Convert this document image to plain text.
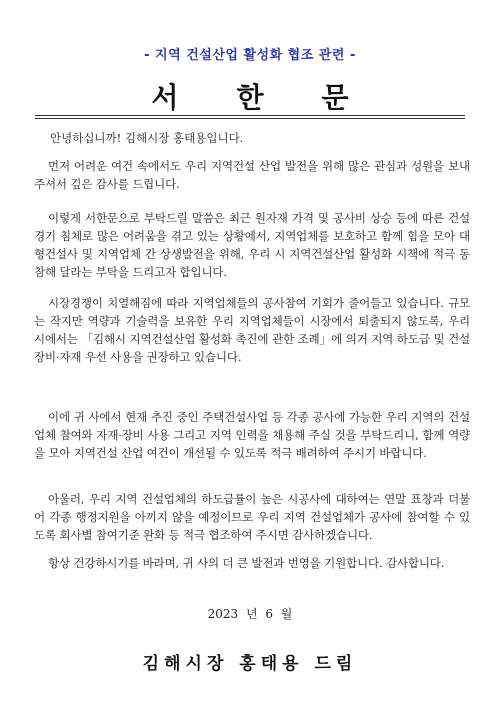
- 지역 건설산업 활성화 협조 관련 -
서한문
안녕하십니까! 김해시장 홍태용입니다.
먼저 어려운 여건 속에서도 우리 지역건설 산업 발전을 위해 많은 관심과 성원을 보내주셔서 깊은 감사를 드립니다.
이렇게 서한문으로 부탁드릴 말씀은 최근 원자재 가격 및 공사비 상승 등에 따른 건설경기 침체로 많은 어려움을 겪고 있는 상황에서, 지역업체를 보호하고 함께 힘을 모아 대형건설사 및 지역업체 간 상생발전을 위해, 우리 시 지역건설산업 활성화 시책에 적극 동참해 달라는 부탁을 드리고자 합입니다.
시장경쟁이 치열해짐에 따라 지역업체들의 공사참여 기회가 줄어들고 있습니다. 규모는 작지만 역량과 기술력을 보유한 우리 지역업체들이 시장에서 퇴출되지 않도록, 우리 시에서는 「김해시 지역건설산업 활성화 촉진에 관한 조례」에 의거 지역 하도급 및 건설 장비·자재 우선 사용을 권장하고 있습니다.
이에 귀 사에서 현재 추진 중인 주택건설사업 등 각종 공사에 가능한 우리 지역의 건설업체 참여와 자재·장비 사용 그리고 지역 인력을 채용해 주실 것을 부탁드리니, 함께 역량을 모아 지역건설 산업 여건이 개선될 수 있도록 적극 배려하여 주시기 바랍니다.
아울러, 우리 지역 건설업체의 하도급률이 높은 시공사에 대하여는 연말 표창과 더불어 각종 행정지원을 아끼지 않을 예정이므로 우리 지역 건설업체가 공사에 참여할 수 있도록 회사별 참여기준 완화 등 적극 협조하여 주시면 감사하겠습니다.
항상 건강하시기를 바라며, 귀 사의 더 큰 발전과 번영을 기원합니다. 감사합니다.
2023 년 6 월
김해시장 홍태용 드림
